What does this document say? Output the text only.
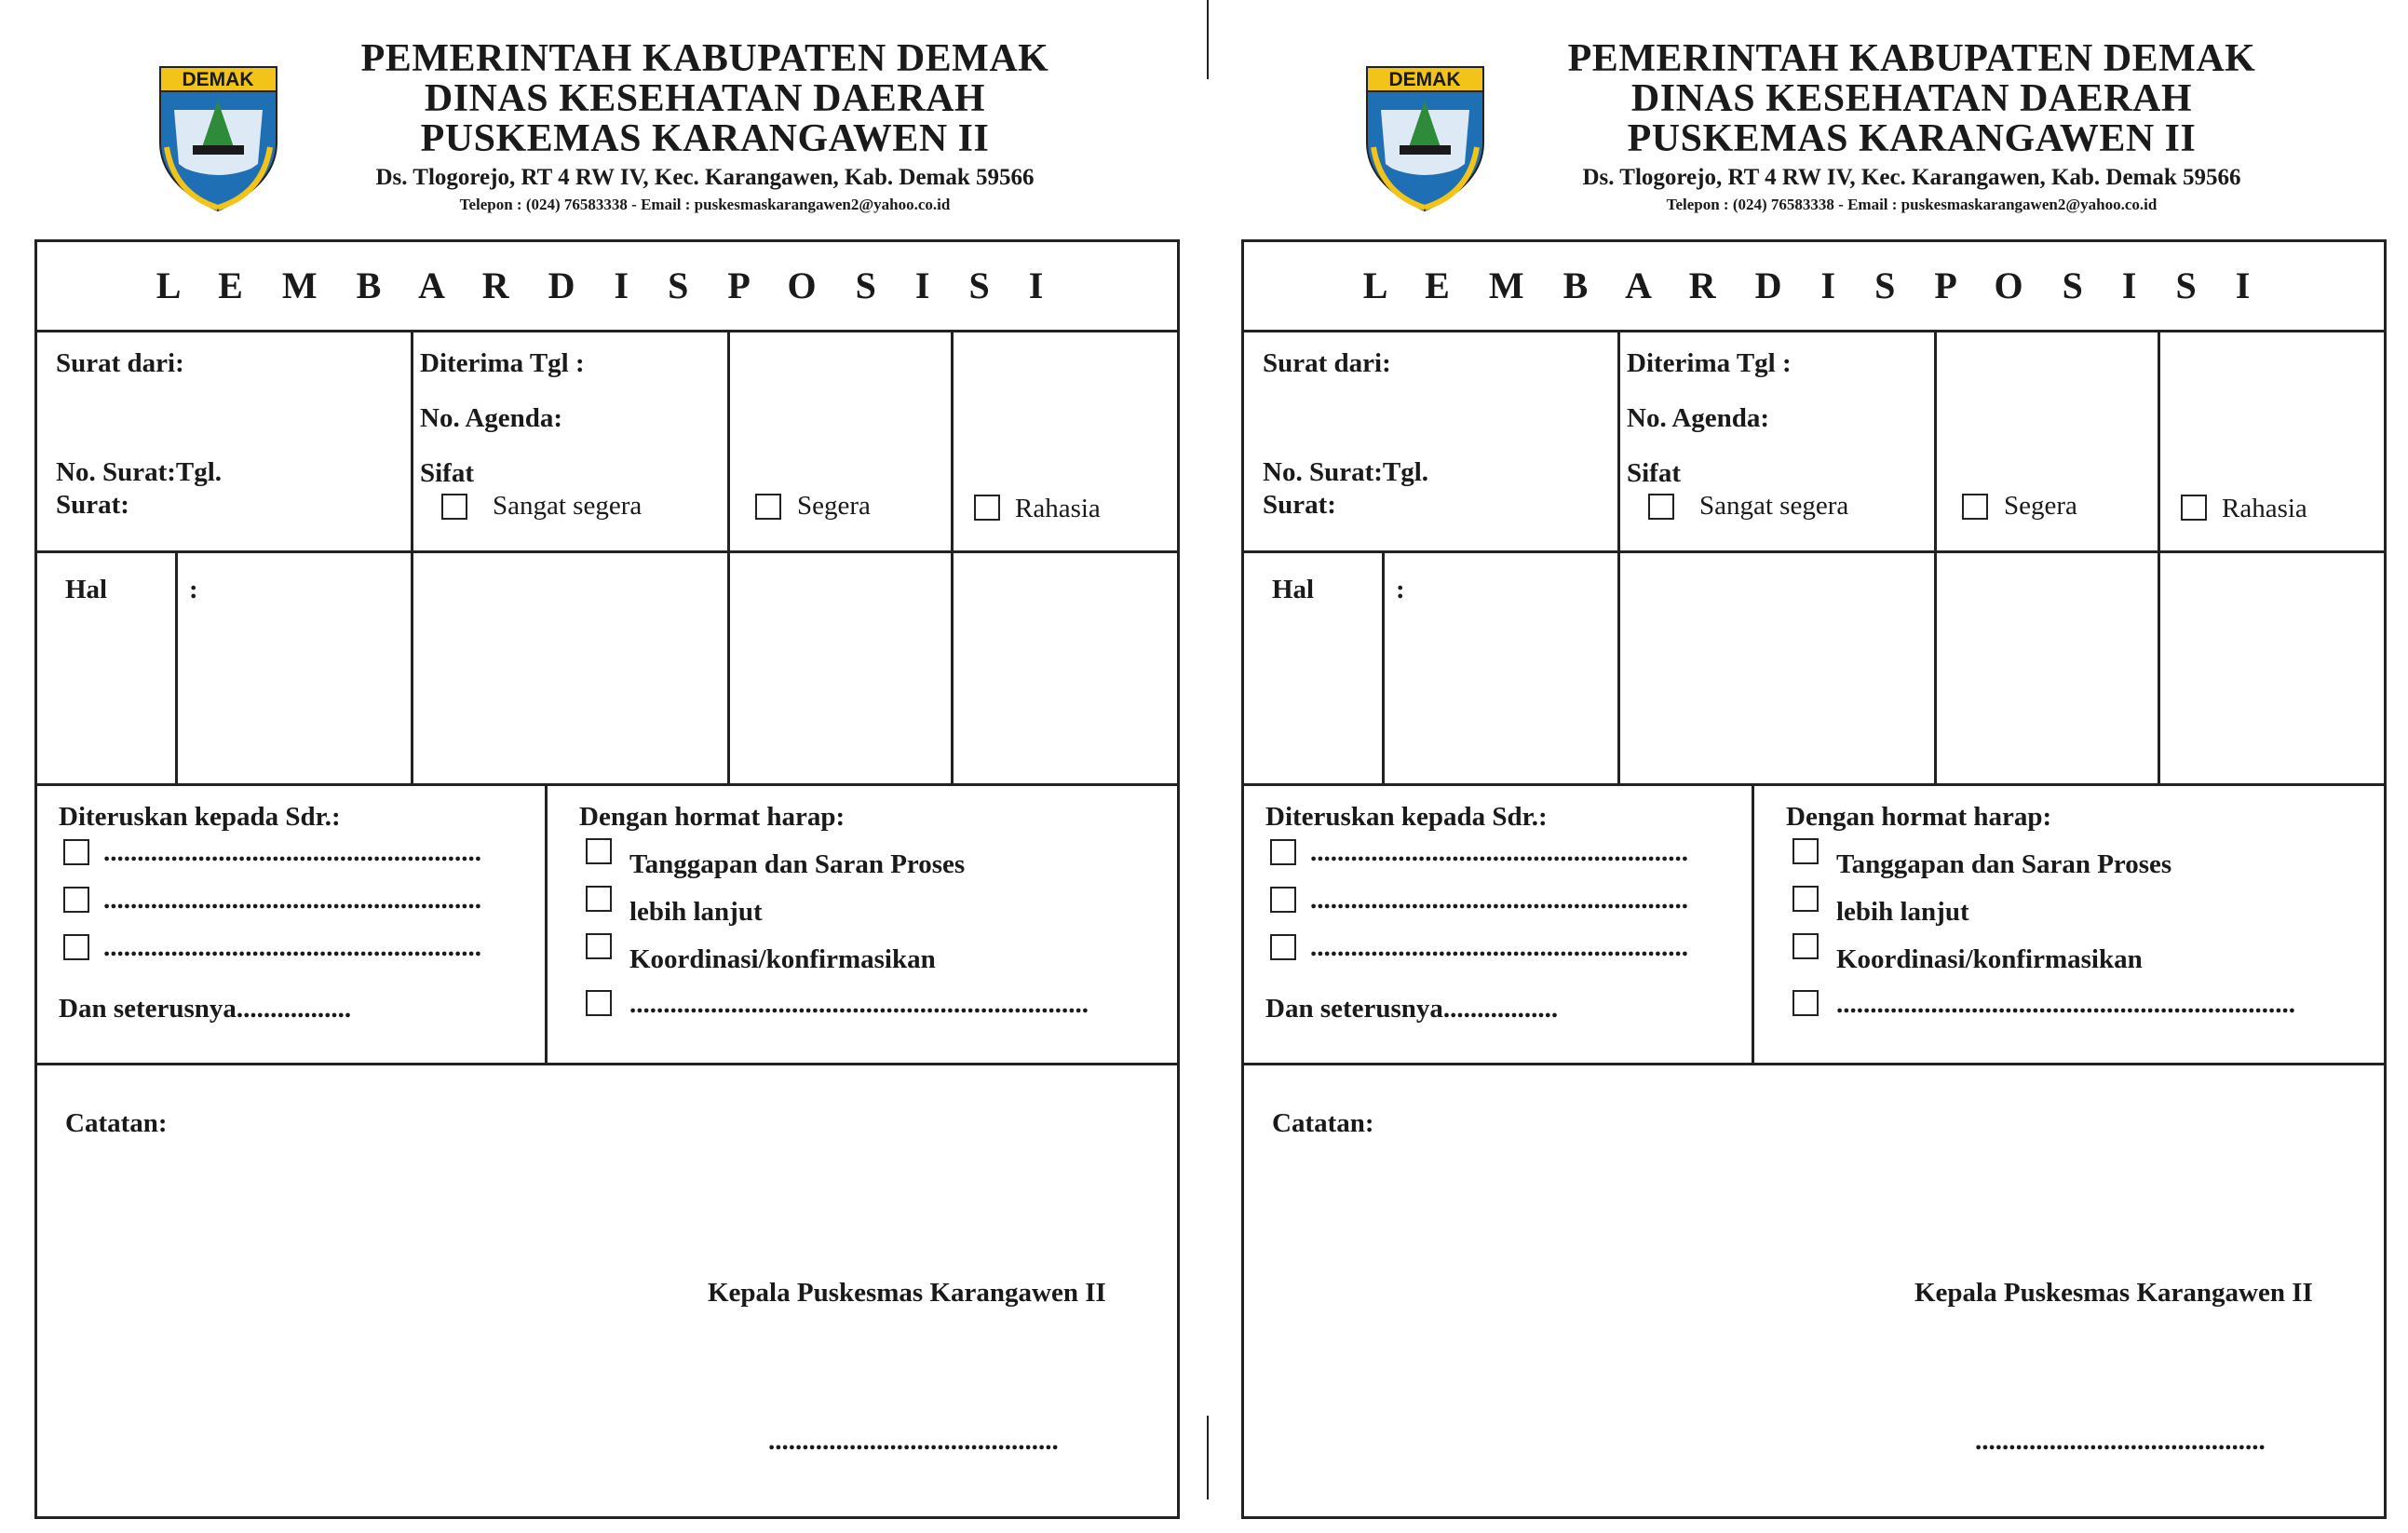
DEMAK	PEMERINTAH KABUPATEN DEMAK
DINAS KESEHATAN DAERAH
PUSKEMAS KARANGAWEN II
Ds. Tlogorejo, RT 4 RW IV, Kec. Karangawen, Kab. Demak 59566
Telepon : (024) 76583338 - Email : puskesmaskarangawen2@yahoo.co.id
L E M B A R D I S P O S I S I
Surat dari:
No. Surat:Tgl.
Surat:
Diterima Tgl :
No. Agenda:
Sifat
Sangat segera	Segera	Rahasia
Hal	:
Diteruskan kepada Sdr.:
........................................................
........................................................
........................................................
Dan seterusnya.................
Dengan hormat harap:
Tanggapan dan Saran Proses
lebih lanjut
Koordinasi/konfirmasikan
....................................................................
Catatan:
Kepala Puskesmas Karangawen II
...........................................
DEMAK	PEMERINTAH KABUPATEN DEMAK
DINAS KESEHATAN DAERAH
PUSKEMAS KARANGAWEN II
Ds. Tlogorejo, RT 4 RW IV, Kec. Karangawen, Kab. Demak 59566
Telepon : (024) 76583338 - Email : puskesmaskarangawen2@yahoo.co.id
L E M B A R D I S P O S I S I
Surat dari:
No. Surat:Tgl.
Surat:
Diterima Tgl :
No. Agenda:
Sifat
Sangat segera	Segera	Rahasia
Hal	:
Diteruskan kepada Sdr.:
........................................................
........................................................
........................................................
Dan seterusnya.................
Dengan hormat harap:
Tanggapan dan Saran Proses
lebih lanjut
Koordinasi/konfirmasikan
....................................................................
Catatan:
Kepala Puskesmas Karangawen II
...........................................
